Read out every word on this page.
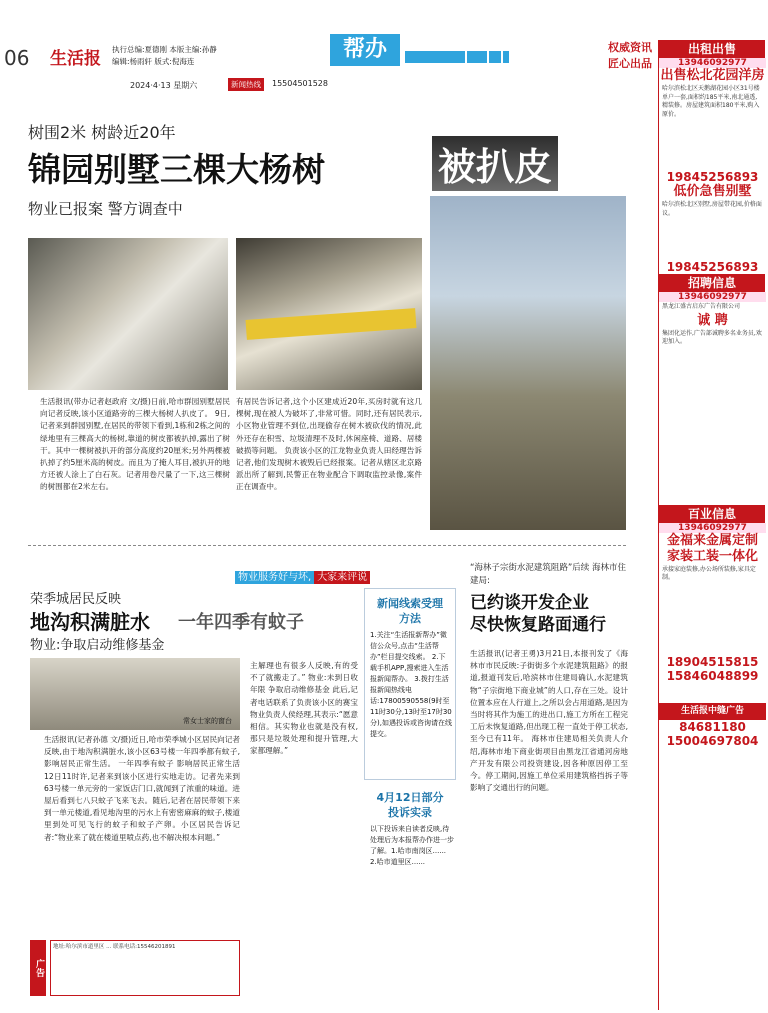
06 生活报 执行总编:夏德刚 本版主编:孙静
编辑:杨雨轩 版式:倪海连	帮办	权威资讯
匠心出品
2024·4·13 星期六	新闻热线	15504501528
树围2米 树龄近20年
锦园别墅三棵大杨树	被扒皮
物业已报案 警方调查中
生活报讯(带办记者赵政府 文/摄)日前,哈市群园别墅居民向记者反映,该小区道路旁的三棵大杨树人扒皮了。 9日,记者来到群园别墅,在居民的带领下看到,1栋和2栋之间的绿地里有三棵高大的杨树,靠道的树皮都被扒掉,露出了树干。其中一棵树被扒开的部分高度约20厘米;另外两棵被扒掉了约5厘米高的树皮。而且为了掩人耳目,被扒开的地方还被人涂上了白石灰。记者用卷尺量了一下,这三棵树的树围都在2米左右。
有居民告诉记者,这个小区建成近20年,买房时就有这几棵树,现在被人为破坏了,非常可惜。同时,还有居民表示,小区物业管理不到位,出现偷存在树木被砍伐的情况,此外还存在积雪、垃圾清理不及时,休闲座椅、道路、居楼破损等问题。 负责该小区的江龙物业负责人田经理告诉记者,他们发现树木被毁后已经报案。记者从辖区北京路派出所了解到,民警正在物业配合下调取监控录像,案件正在调查中。
物业服务好与坏, 大家来评说
荣季城居民反映
地沟积满脏水 一年四季有蚊子
物业:争取启动维修基金
常女士家的窗台
生活报讯(记者孙德 文/摄)近日,哈市荣季城小区居民向记者反映,由于地沟积满脏水,该小区63号楼一年四季都有蚊子,影响居民正常生活。 一年四季有蚊子 影响居民正常生活 12日11时许,记者来到该小区进行实地走访。记者先来到63号楼一单元旁的一家饭店门口,就闻到了浓重的味道。进屋后看到七八只蚊子飞来飞去。随后,记者在居民带领下来到一单元楼道,看见地沟里的污水上有密密麻麻的蚊子,楼道里到处可见飞行的蚊子和蚊子产卵。小区居民告诉记者:“物业来了就在楼道里喷点药,也不解决根本问题。”
主解理也有很多人反映,有的受不了就搬走了。” 物业:未到日收年限 争取启动维修基金 此后,记者电话联系了负责该小区的赛宝物业负责人侯经理,其表示:“愿意相信。其实物业也就是没有权,那只是垃圾处理和提升管理,大家都理解。”
广告
地址:哈尔滨市道里区 ... 联系电话:15546201891
新闻线索受理方法
1.关注“生活报新帮办”微信公众号,点击“生活帮办”栏目提交线索。 2.下载手机APP,搜索进入生活报新闻帮办。 3.拨打生活报新闻热线电话:17800590558(9时至11时30分,13时至17时30分),如遇投诉或咨询请在线提交。
4月12日部分投诉实录
以下投诉来自读者反映,待处理后为本报帮办作进一步了解。1.哈市南岗区...... 2.哈市道里区......
“海林子宗街水泥建筑阻路”后续 海林市住建局:
已约谈开发企业
尽快恢复路面通行
生活报讯(记者王勇)3月21日,本报刊发了《海林市市民反映:子街街多个水泥建筑阻路》的报道,报道刊发后,哈滨林市住建局确认,水泥建筑物“子宗街地下商业城”的人口,存在三处。设计位置本应在人行道上,之所以会占用道路,是因为当时将其作为施工的进出口,施工方所在工程完工后未恢复道路,但出现工程一直处于停工状态,至今已有11年。 海林市住建局相关负责人介绍,海林市地下商业街项目由黑龙江省通河房地产开发有限公司投资建设,因各种原因停工至今。停工期间,因施工单位采用建筑格挡拆子等影响了交通出行的问题。
出租出售
13946092977
出售松北花园洋房
哈尔滨松北区天鹅湖花园小区31号楼单户一套,面积约185平米,南北通透,精装修。房屋建筑面积180平米,购入原价。
19845256893
低价急售别墅
哈尔滨松北区别墅,房屋带花园,价格面议。
19845256893
招聘信息
13946092977
黑龙江盛古启东广告有限公司
诚 聘
集团化运作,广告部诚聘多名业务员,欢迎加入。
百业信息
13946092977
金福来金属定制 家装工装一体化
承接家庭装修,办公场所装修,家具定制。
18904515815
15846048899
生活报中缝广告
84681180
15004697804
